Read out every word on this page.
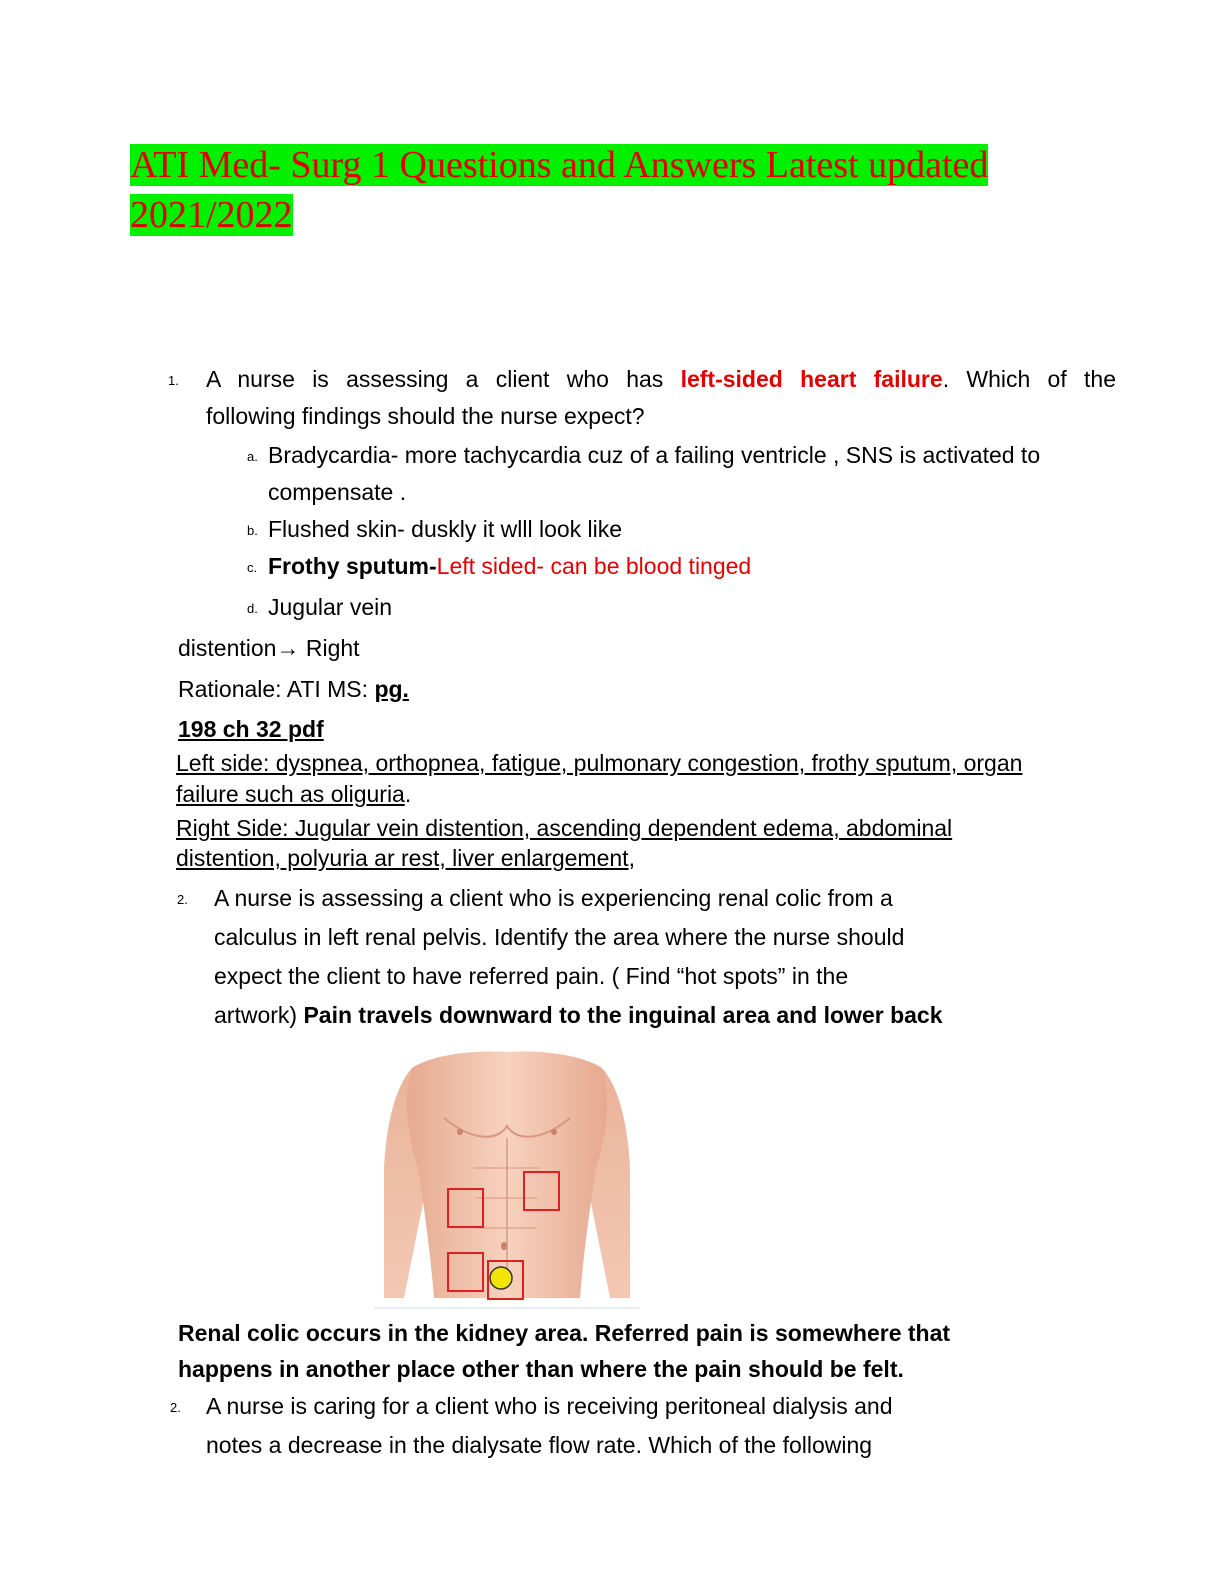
ATI Med- Surg 1 Questions and Answers Latest updated
2021/2022
1. A nurse is assessing a client who has left-sided heart failure. Which of the
following findings should the nurse expect?
a. Bradycardia- more tachycardia cuz of a failing ventricle , SNS is activated to
compensate .
b. Flushed skin- duskly it wlll look like
c. Frothy sputum-Left sided- can be blood tinged
d. Jugular vein
distention→ Right
Rationale: ATI MS: pg.
198 ch 32 pdf
Left side: dyspnea, orthopnea, fatigue, pulmonary congestion, frothy sputum, organ
failure such as oliguria.
Right Side: Jugular vein distention, ascending dependent edema, abdominal
distention, polyuria ar rest, liver enlargement,
2. A nurse is assessing a client who is experiencing renal colic from a
calculus in left renal pelvis. Identify the area where the nurse should
expect the client to have referred pain. ( Find “hot spots” in the
artwork) Pain travels downward to the inguinal area and lower back
Renal colic occurs in the kidney area. Referred pain is somewhere that
happens in another place other than where the pain should be felt.
2. A nurse is caring for a client who is receiving peritoneal dialysis and
notes a decrease in the dialysate flow rate. Which of the following
